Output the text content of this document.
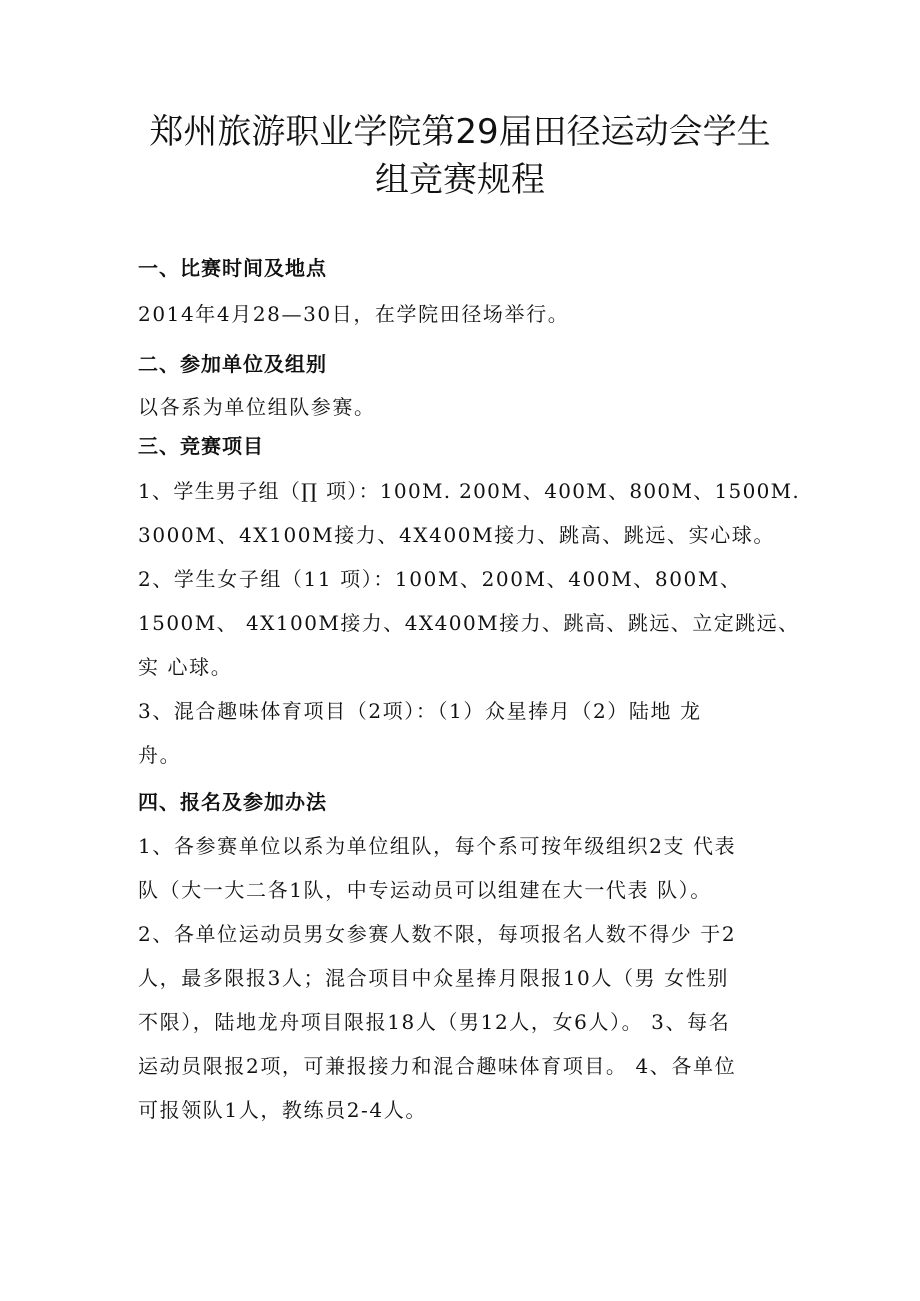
郑州旅游职业学院第29届田径运动会学生
组竞赛规程
一、比赛时间及地点
2014年4月28—30日，在学院田径场举行。
二、参加单位及组别
以各系为单位组队参赛。
三、竞赛项目
1、学生男子组（∏ 项）：100M. 200M、400M、800M、1500M.
3000M、4X100M接力、4X400M接力、跳高、跳远、实心球。
2、学生女子组（11 项）：100M、200M、400M、800M、
1500M、 4X100M接力、4X400M接力、跳高、跳远、立定跳远、
实 心球。
3、混合趣味体育项目（2项）：（1）众星捧月（2）陆地 龙
舟。
四、报名及参加办法
1、各参赛单位以系为单位组队，每个系可按年级组织2支 代表
队（大一大二各1队，中专运动员可以组建在大一代表 队）。
2、各单位运动员男女参赛人数不限，每项报名人数不得少 于2
人，最多限报3人；混合项目中众星捧月限报10人（男 女性别
不限），陆地龙舟项目限报18人（男12人，女6人）。 3、每名
运动员限报2项，可兼报接力和混合趣味体育项目。 4、各单位
可报领队1人，教练员2-4人。
